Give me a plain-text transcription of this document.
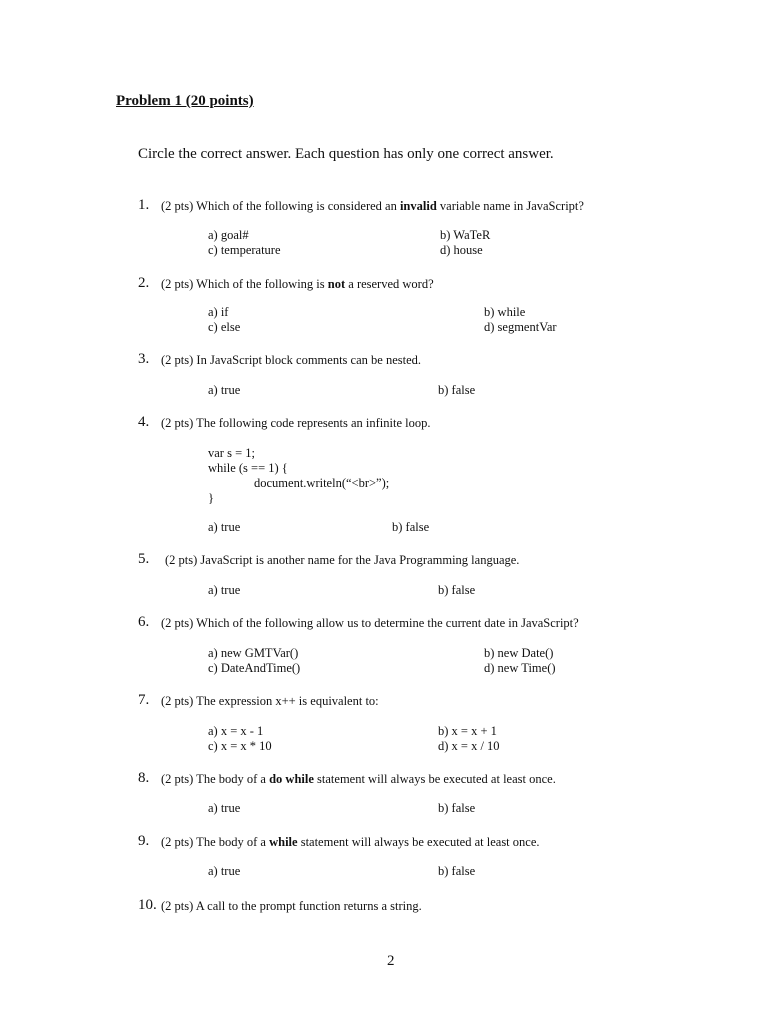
Problem 1 (20 points)
Circle the correct answer. Each question has only one correct answer.
1. (2 pts) Which of the following is considered an invalid variable name in JavaScript?
a) goal#	b) WaTeR
c) temperature	d) house
2. (2 pts) Which of the following is not a reserved word?
a) if	b) while
c) else	d) segmentVar
3. (2 pts) In JavaScript block comments can be nested.
a) true	b) false
4. (2 pts) The following code represents an infinite loop.
var s = 1;
while (s == 1) {
document.writeln(“<br>”);
}
a) true	b) false
5. (2 pts) JavaScript is another name for the Java Programming language.
a) true	b) false
6. (2 pts) Which of the following allow us to determine the current date in JavaScript?
a) new GMTVar()	b) new Date()
c) DateAndTime()	d) new Time()
7. (2 pts) The expression x++ is equivalent to:
a) x = x - 1	b) x = x + 1
c) x = x * 10	d) x = x / 10
8. (2 pts) The body of a do while statement will always be executed at least once.
a) true	b) false
9. (2 pts) The body of a while statement will always be executed at least once.
a) true	b) false
10. (2 pts) A call to the prompt function returns a string.
2
